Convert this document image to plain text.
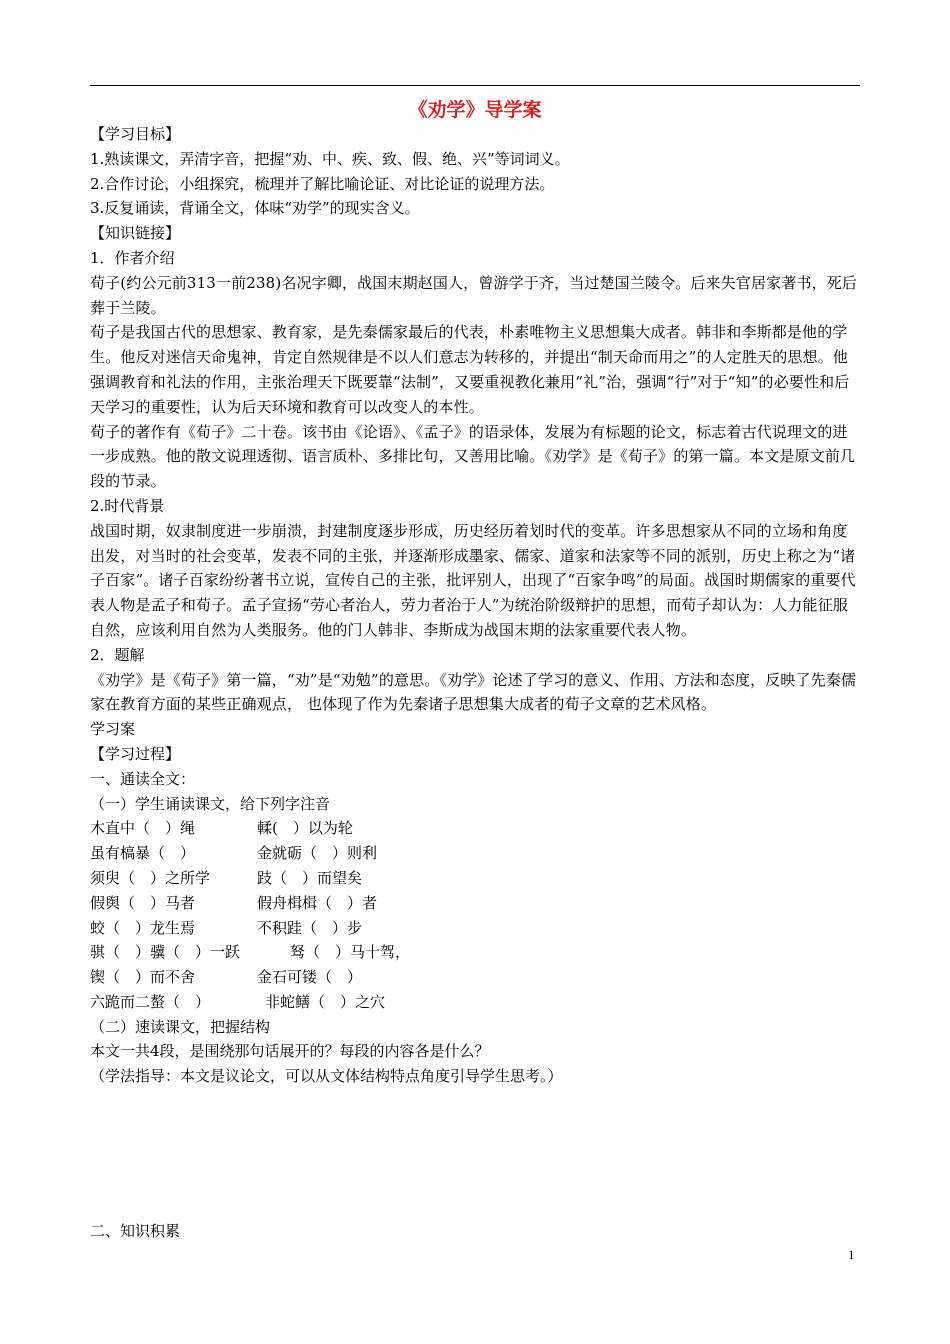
《劝学》导学案
【学习目标】
1.熟读课文，弄清字音，把握“劝、中、疾、致、假、绝、兴”等词词义。
2.合作讨论，小组探究，梳理并了解比喻论证、对比论证的说理方法。
3.反复诵读，背诵全文，体味“劝学”的现实含义。
【知识链接】
1．作者介绍
荀子(约公元前313一前238)名况字卿，战国末期赵国人，曾游学于齐，当过楚国兰陵令。后来失官居家著书，死后葬于兰陵。
荀子是我国古代的思想家、教育家，是先秦儒家最后的代表，朴素唯物主义思想集大成者。韩非和李斯都是他的学生。他反对迷信天命鬼神，肯定自然规律是不以人们意志为转移的，并提出“制天命而用之”的人定胜天的思想。他强调教育和礼法的作用，主张治理天下既要靠“法制”，又要重视教化兼用“礼”治，强调“行”对于“知”的必要性和后天学习的重要性，认为后天环境和教育可以改变人的本性。
荀子的著作有《荀子》二十卷。该书由《论语》、《孟子》的语录体，发展为有标题的论文，标志着古代说理文的进一步成熟。他的散文说理透彻、语言质朴、多排比句，又善用比喻。《劝学》是《荀子》的第一篇。本文是原文前几段的节录。
2.时代背景
战国时期，奴隶制度进一步崩溃，封建制度逐步形成，历史经历着划时代的变革。许多思想家从不同的立场和角度出发，对当时的社会变革，发表不同的主张，并逐渐形成墨家、儒家、道家和法家等不同的派别，历史上称之为“诸子百家”。诸子百家纷纷著书立说，宣传自己的主张，批评别人，出现了“百家争鸣”的局面。战国时期儒家的重要代表人物是孟子和荀子。孟子宣扬“劳心者治人，劳力者治于人”为统治阶级辩护的思想，而荀子却认为：人力能征服自然，应该利用自然为人类服务。他的门人韩非、李斯成为战国末期的法家重要代表人物。
2．题解
《劝学》是《荀子》第一篇，“劝”是“劝勉”的意思。《劝学》论述了学习的意义、作用、方法和态度，反映了先秦儒家在教育方面的某些正确观点， 也体现了作为先秦诸子思想集大成者的荀子文章的艺术风格。
学习案
【学习过程】
一、通读全文：
（一）学生诵读课文，给下列字注音
木直中（　）绳	輮(　）以为轮
虽有槁暴（　）	金就砺（　）则利
须臾（　）之所学	跂（　）而望矣
假舆（　）马者	假舟楫楫（　）者
蛟（　）龙生焉	不积跬（　）步
骐（　）骥（　）一跃	驽（　）马十驾，
锲（　）而不舍	金石可镂（　）
六跪而二螯（　）	非蛇鳝（　）之穴
（二）速读课文，把握结构
本文一共4段，是围绕那句话展开的？每段的内容各是什么？
（学法指导：本文是议论文，可以从文体结构特点角度引导学生思考。）
二、知识积累
1
